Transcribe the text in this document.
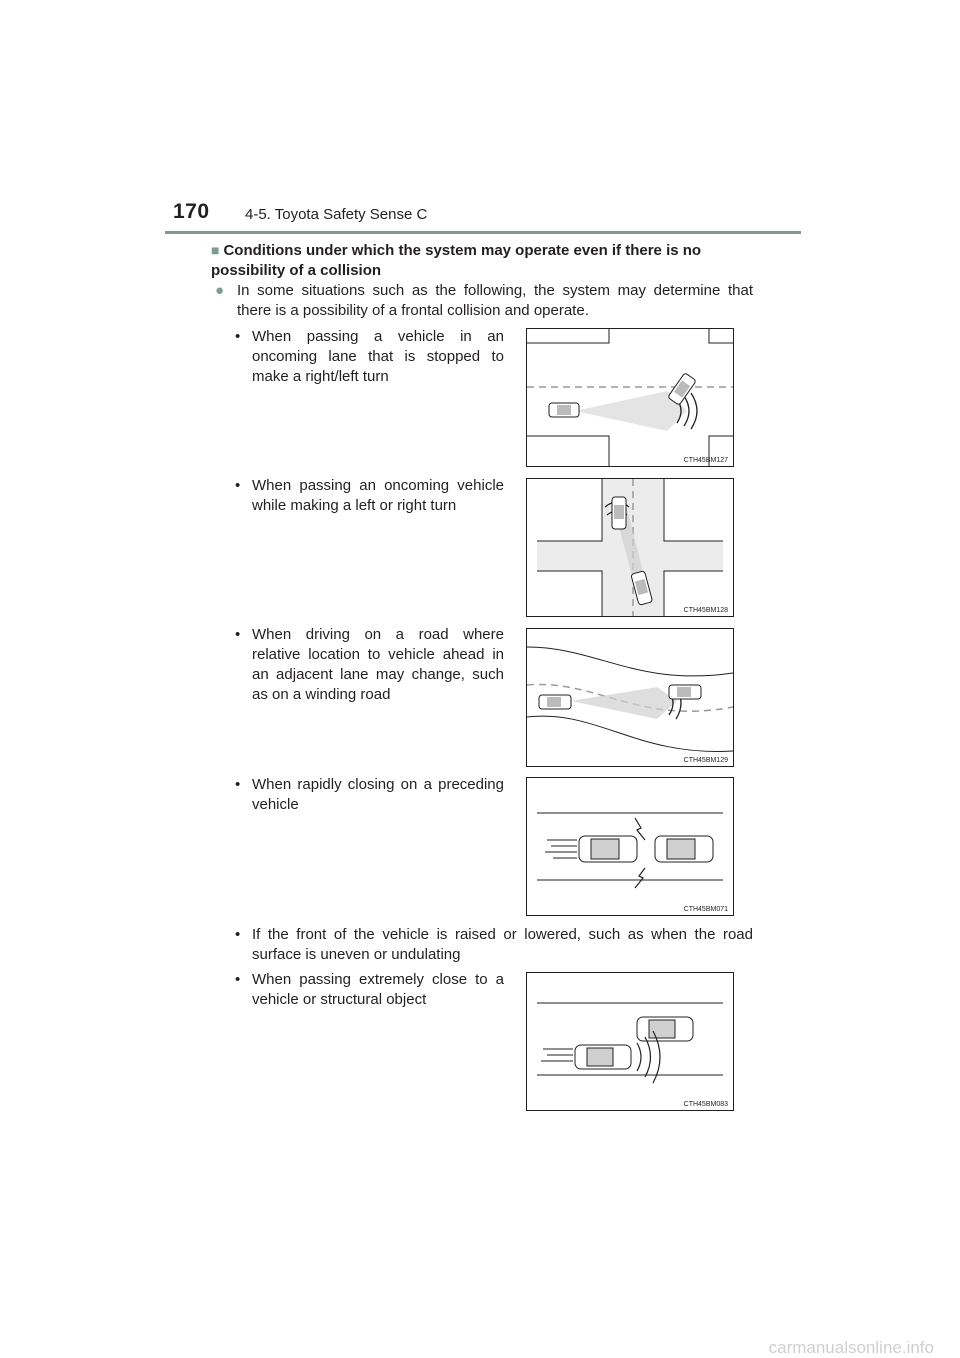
170 4-5. Toyota Safety Sense C
■ Conditions under which the system may operate even if there is no possibility of a collision
● In some situations such as the following, the system may determine that there is a possibility of a frontal collision and operate.
• When passing a vehicle in an oncoming lane that is stopped to make a right/left turn
CTH45BM127
• When passing an oncoming vehicle while making a left or right turn
CTH45BM128
• When driving on a road where relative location to vehicle ahead in an adjacent lane may change, such as on a winding road
CTH45BM129
• When rapidly closing on a preceding vehicle
CTH45BM071
• If the front of the vehicle is raised or lowered, such as when the road surface is uneven or undulating
• When passing extremely close to a vehicle or structural object
CTH45BM083
carmanualsonline.info
